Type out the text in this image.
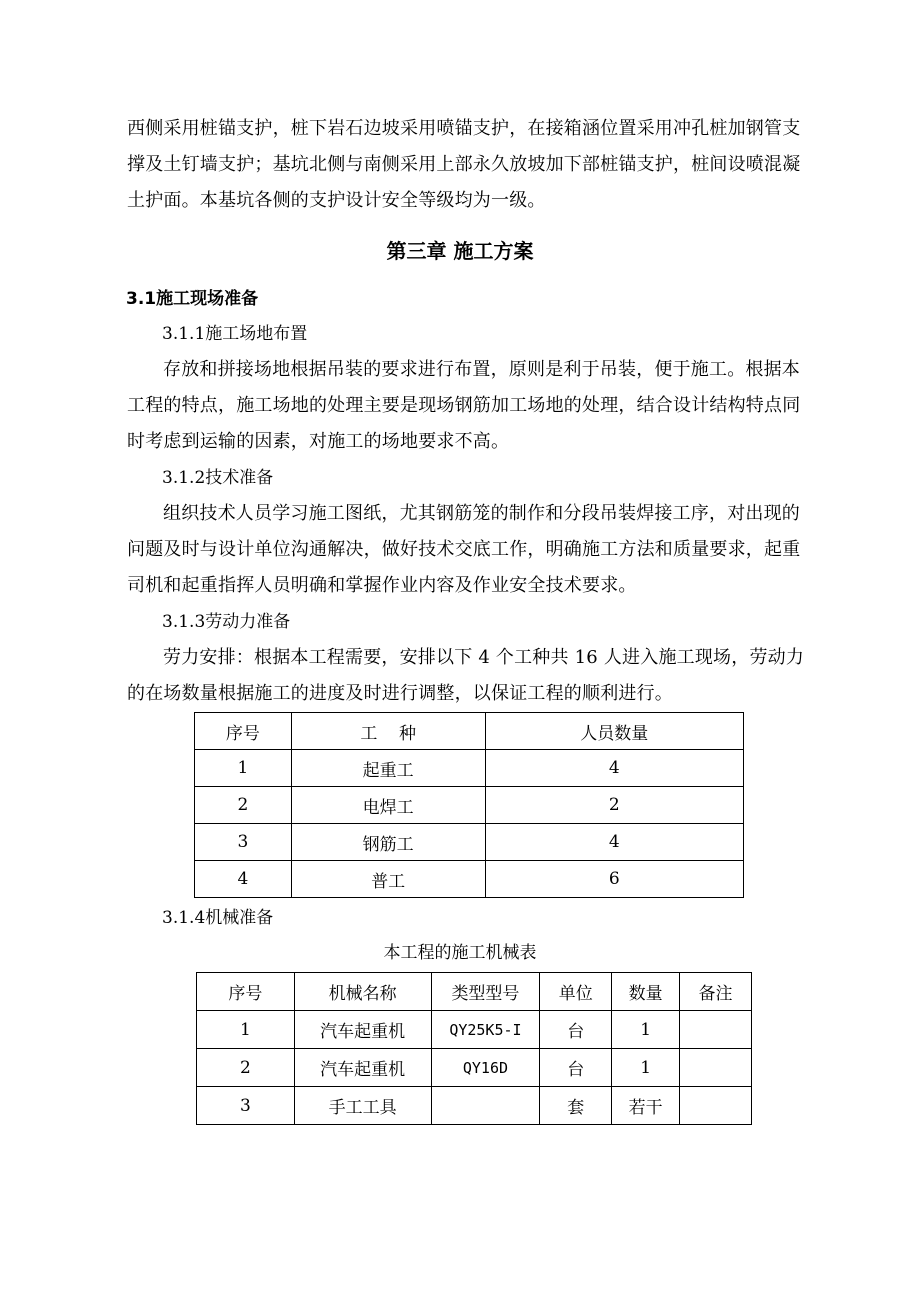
西侧采用桩锚支护，桩下岩石边坡采用喷锚支护，在接箱涵位置采用冲孔桩加钢管支
撑及土钉墙支护；基坑北侧与南侧采用上部永久放坡加下部桩锚支护，桩间设喷混凝
土护面。本基坑各侧的支护设计安全等级均为一级。
第三章 施工方案
3.1施工现场准备
3.1.1施工场地布置
存放和拼接场地根据吊装的要求进行布置，原则是利于吊装，便于施工。根据本
工程的特点，施工场地的处理主要是现场钢筋加工场地的处理，结合设计结构特点同
时考虑到运输的因素，对施工的场地要求不高。
3.1.2技术准备
组织技术人员学习施工图纸，尤其钢筋笼的制作和分段吊装焊接工序，对出现的
问题及时与设计单位沟通解决，做好技术交底工作，明确施工方法和质量要求，起重
司机和起重指挥人员明确和掌握作业内容及作业安全技术要求。
3.1.3劳动力准备
劳力安排：根据本工程需要，安排以下 4 个工种共 16 人进入施工现场，劳动力
的在场数量根据施工的进度及时进行调整，以保证工程的顺利进行。
序号	工    种	人员数量
1	起重工	4
2	电焊工	2
3	钢筋工	4
4	普工	6
3.1.4机械准备
本工程的施工机械表
序号	机械名称	类型型号	单位	数量	备注
1	汽车起重机	QY25K5-I	台	1	
2	汽车起重机	QY16D	台	1	
3	手工工具		套	若干	
